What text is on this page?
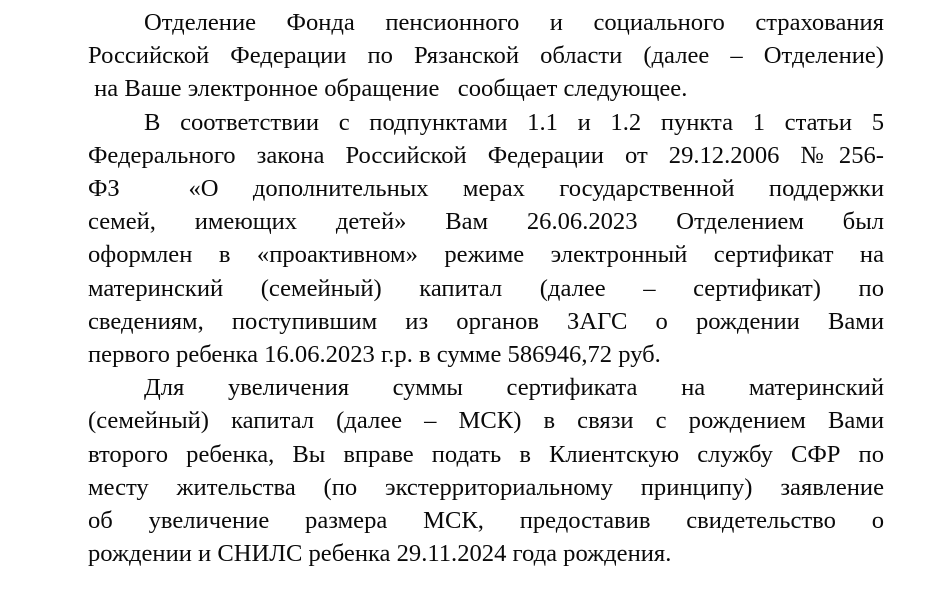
Отделение Фонда пенсионного и социального страхования
Российской Федерации по Рязанской области (далее – Отделение)
на Ваше электронное обращение   сообщает следующее.
В соответствии с подпунктами 1.1 и 1.2 пункта 1 статьи 5
Федерального закона Российской Федерации от 29.12.2006 №256-
ФЗ  «О дополнительных мерах государственной поддержки
семей, имеющих детей» Вам 26.06.2023 Отделением был
оформлен в «проактивном» режиме электронный сертификат на
материнский (семейный) капитал (далее – сертификат) по
сведениям, поступившим из органов ЗАГС о рождении Вами
первого ребенка 16.06.2023 г.р. в сумме 586946,72 руб.
Для увеличения суммы сертификата на материнский
(семейный) капитал (далее – МСК) в связи с рождением Вами
второго ребенка, Вы вправе подать в Клиентскую службу СФР по
месту жительства (по экстерриториальному принципу) заявление
об увеличение размера МСК, предоставив свидетельство о
рождении и СНИЛС ребенка 29.11.2024 года рождения.
